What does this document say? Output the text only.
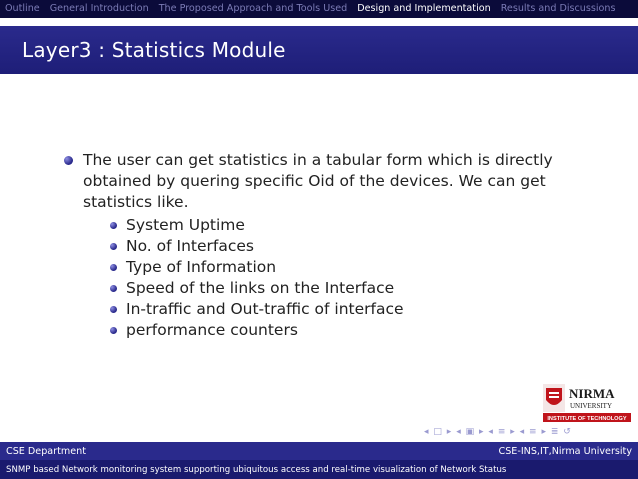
Outline	General Introduction	The Proposed Approach and Tools Used	Design and Implementation	Results and Discussions
Layer3 : Statistics Module
The user can get statistics in a tabular form which is directly obtained by quering specific Oid of the devices. We can get statistics like.
System Uptime
No. of Interfaces
Type of Information
Speed of the links on the Interface
In-traffic and Out-traffic of interface
performance counters
NIRMA
UNIVERSITY
INSTITUTE OF TECHNOLOGY
◂ □ ▸ ◂ ▣ ▸ ◂ ≡ ▸ ◂ ≡ ▸ ≣ ↺
CSE Department	CSE-INS,IT,Nirma University
SNMP based Network monitoring system supporting ubiquitous access and real-time visualization of Network Status
